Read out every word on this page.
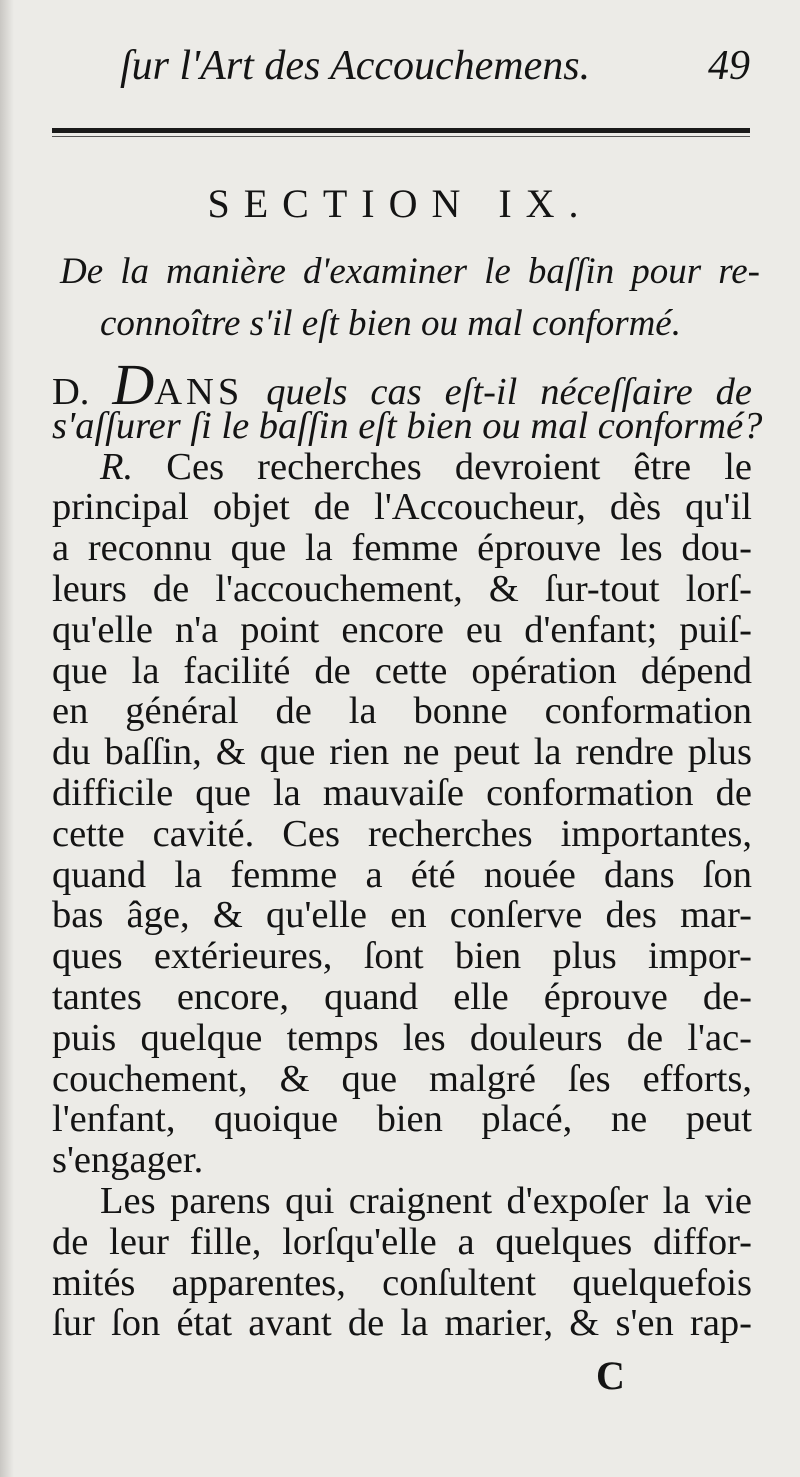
ſur l'Art des Accouchemens.	49
SECTION IX.
De la manière d'examiner le baſſin pour re-
connoître s'il eſt bien ou mal conformé.
D. DANS quels cas eſt-il néceſſaire de
s'aſſurer ſi le baſſin eſt bien ou mal conformé?
R. Ces recherches devroient être le
principal objet de l'Accoucheur, dès qu'il
a reconnu que la femme éprouve les dou-
leurs de l'accouchement, & ſur-tout lorſ-
qu'elle n'a point encore eu d'enfant; puiſ-
que la facilité de cette opération dépend
en général de la bonne conformation
du baſſin, & que rien ne peut la rendre plus
difficile que la mauvaiſe conformation de
cette cavité. Ces recherches importantes,
quand la femme a été nouée dans ſon
bas âge, & qu'elle en conſerve des mar-
ques extérieures, ſont bien plus impor-
tantes encore, quand elle éprouve de-
puis quelque temps les douleurs de l'ac-
couchement, & que malgré ſes efforts,
l'enfant, quoique bien placé, ne peut
s'engager.
Les parens qui craignent d'expoſer la vie
de leur fille, lorſqu'elle a quelques diffor-
mités apparentes, conſultent quelquefois
ſur ſon état avant de la marier, & s'en rap-
C
